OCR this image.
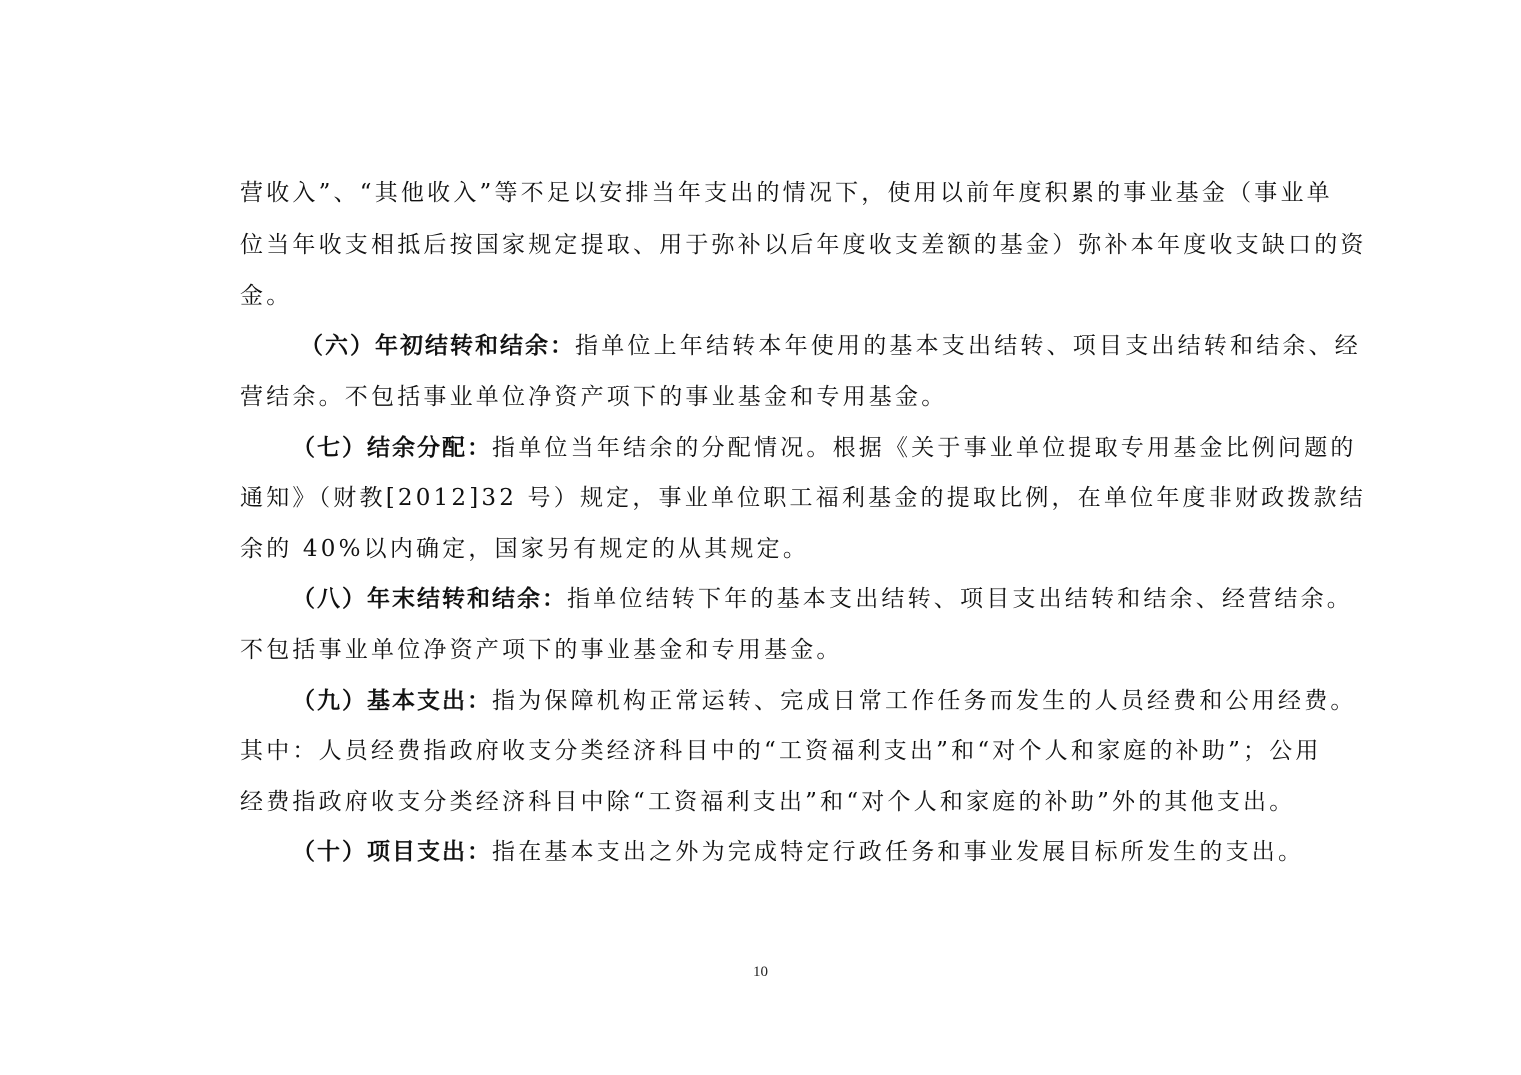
营收入”、“其他收入”等不足以安排当年支出的情况下，使用以前年度积累的事业基金（事业单
位当年收支相抵后按国家规定提取、用于弥补以后年度收支差额的基金）弥补本年度收支缺口的资
金。
（六）年初结转和结余：指单位上年结转本年使用的基本支出结转、项目支出结转和结余、经
营结余。不包括事业单位净资产项下的事业基金和专用基金。
（七）结余分配：指单位当年结余的分配情况。根据《关于事业单位提取专用基金比例问题的
通知》（财教[2012]32 号）规定，事业单位职工福利基金的提取比例，在单位年度非财政拨款结
余的 40%以内确定，国家另有规定的从其规定。
（八）年末结转和结余：指单位结转下年的基本支出结转、项目支出结转和结余、经营结余。
不包括事业单位净资产项下的事业基金和专用基金。
（九）基本支出：指为保障机构正常运转、完成日常工作任务而发生的人员经费和公用经费。
其中：人员经费指政府收支分类经济科目中的“工资福利支出”和“对个人和家庭的补助”；公用
经费指政府收支分类经济科目中除“工资福利支出”和“对个人和家庭的补助”外的其他支出。
（十）项目支出：指在基本支出之外为完成特定行政任务和事业发展目标所发生的支出。
10
